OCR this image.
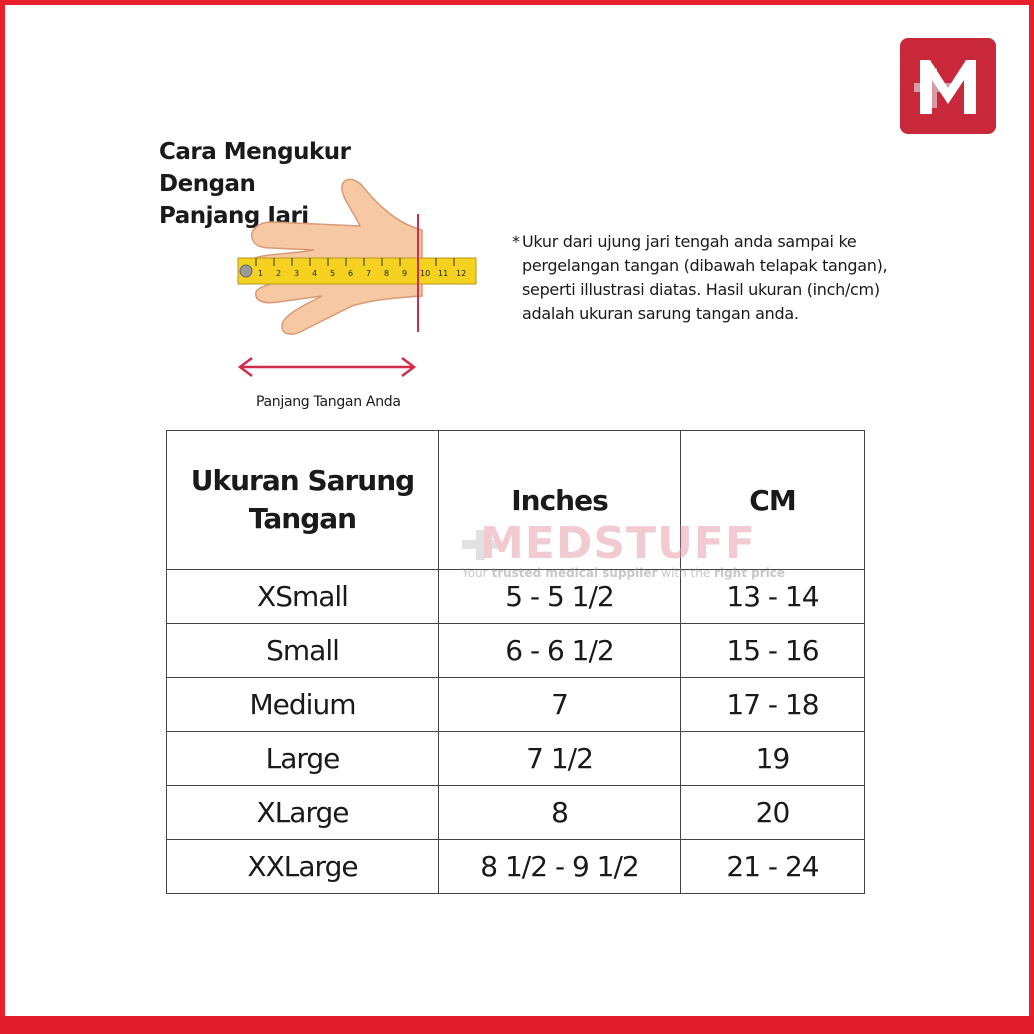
Cara Mengukur Dengan
Panjang Jari
1 2 3 4 5 6 7 8 9 10 11 12
Panjang Tangan Anda
* Ukur dari ujung jari tengah anda sampai ke
pergelangan tangan (dibawah telapak tangan),
seperti illustrasi diatas. Hasil ukuran (inch/cm)
adalah ukuran sarung tangan anda.
Ukuran Sarung
Tangan	Inches	CM
XSmall	5 - 5 1/2	13 - 14
Small	6 - 6 1/2	15 - 16
Medium	7	17 - 18
Large	7 1/2	19
XLarge	8	20
XXLarge	8 1/2 - 9 1/2	21 - 24
MEDSTUFF
Your trusted medical supplier with the right price
